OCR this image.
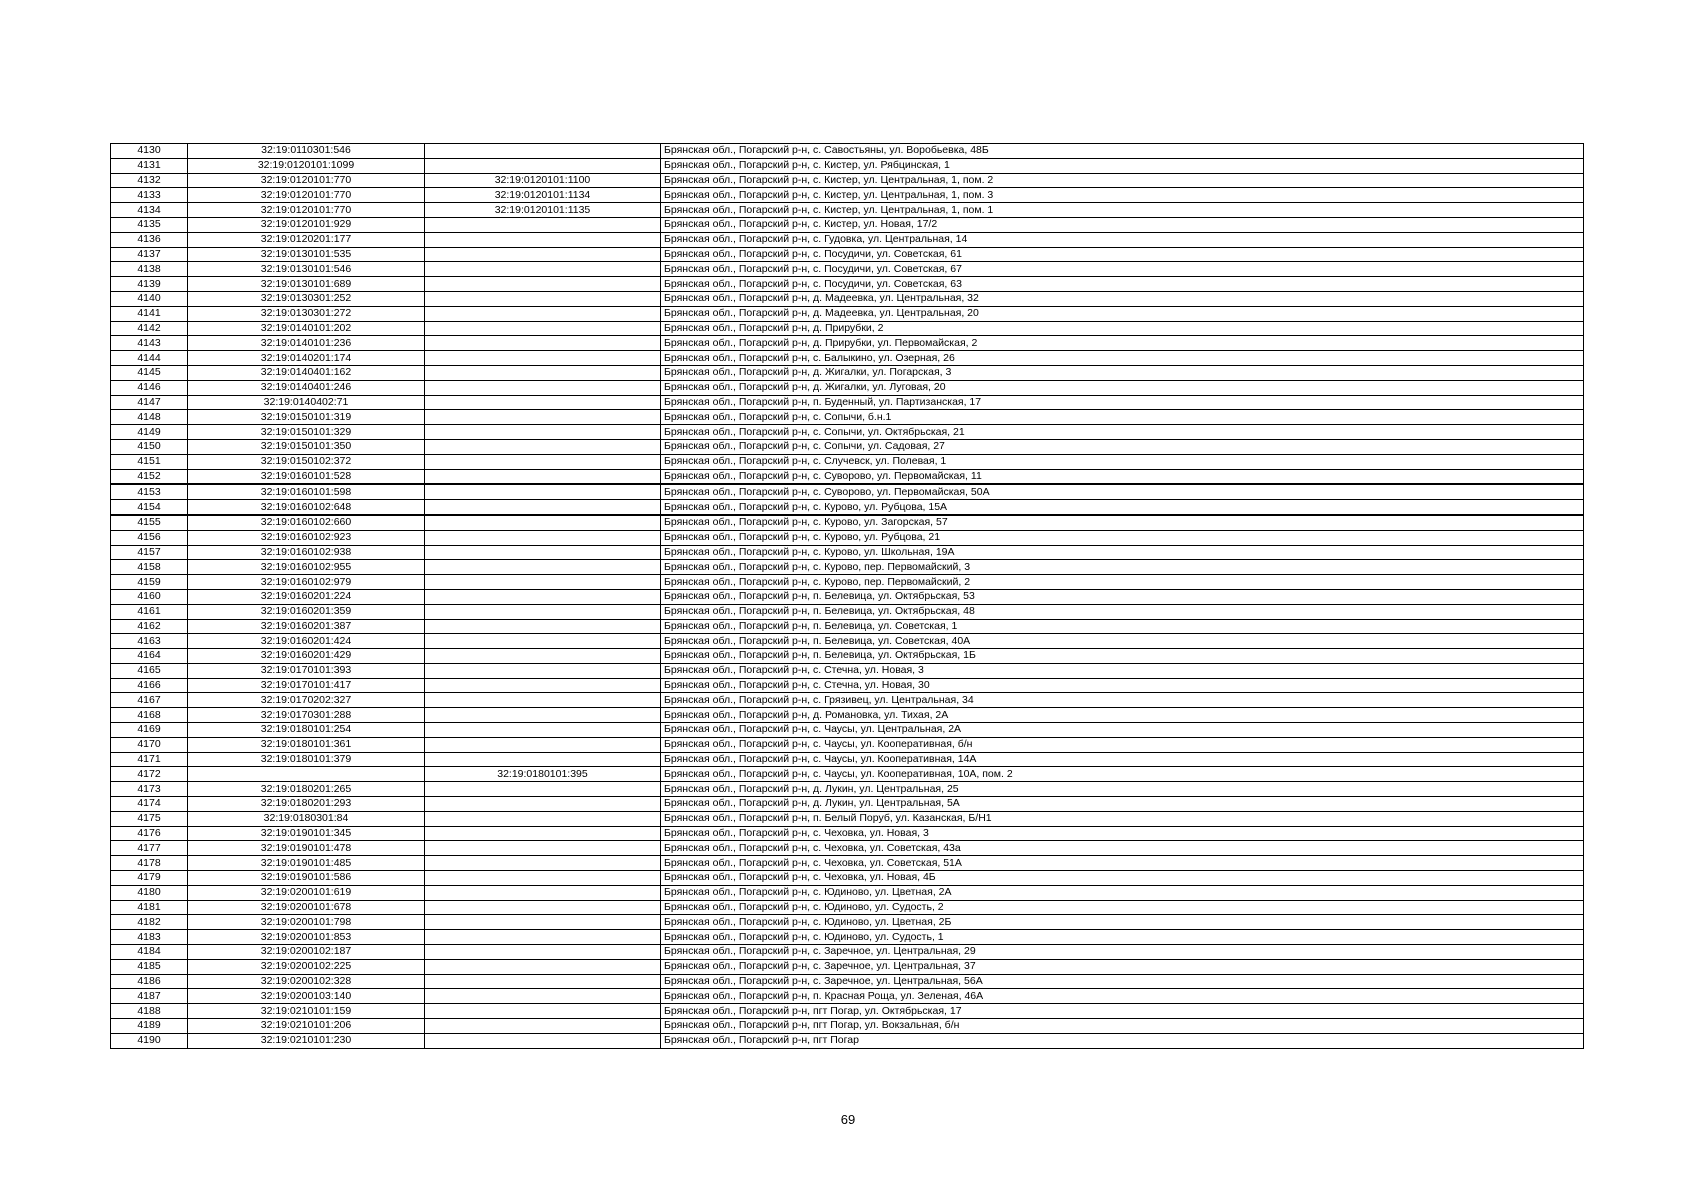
4130	32:19:0110301:546		Брянская обл., Погарский р-н, с. Савостьяны, ул. Воробьевка, 48Б
4131	32:19:0120101:1099		Брянская обл., Погарский р-н, с. Кистер, ул. Рябцинская, 1
4132	32:19:0120101:770	32:19:0120101:1100	Брянская обл., Погарский р-н, с. Кистер, ул. Центральная, 1, пом. 2
4133	32:19:0120101:770	32:19:0120101:1134	Брянская обл., Погарский р-н, с. Кистер, ул. Центральная, 1, пом. 3
4134	32:19:0120101:770	32:19:0120101:1135	Брянская обл., Погарский р-н, с. Кистер, ул. Центральная, 1, пом. 1
4135	32:19:0120101:929		Брянская обл., Погарский р-н, с. Кистер, ул. Новая, 17/2
4136	32:19:0120201:177		Брянская обл., Погарский р-н, с. Гудовка, ул. Центральная, 14
4137	32:19:0130101:535		Брянская обл., Погарский р-н, с. Посудичи, ул. Советская, 61
4138	32:19:0130101:546		Брянская обл., Погарский р-н, с. Посудичи, ул. Советская, 67
4139	32:19:0130101:689		Брянская обл., Погарский р-н, с. Посудичи, ул. Советская, 63
4140	32:19:0130301:252		Брянская обл., Погарский р-н, д. Мадеевка, ул. Центральная, 32
4141	32:19:0130301:272		Брянская обл., Погарский р-н, д. Мадеевка, ул. Центральная, 20
4142	32:19:0140101:202		Брянская обл., Погарский р-н, д. Прирубки, 2
4143	32:19:0140101:236		Брянская обл., Погарский р-н, д. Прирубки, ул. Первомайская, 2
4144	32:19:0140201:174		Брянская обл., Погарский р-н, с. Балыкино, ул. Озерная, 26
4145	32:19:0140401:162		Брянская обл., Погарский р-н, д. Жигалки, ул. Погарская, 3
4146	32:19:0140401:246		Брянская обл., Погарский р-н, д. Жигалки, ул. Луговая, 20
4147	32:19:0140402:71		Брянская обл., Погарский р-н, п. Буденный, ул. Партизанская, 17
4148	32:19:0150101:319		Брянская обл., Погарский р-н, с. Сопычи, б.н.1
4149	32:19:0150101:329		Брянская обл., Погарский р-н, с. Сопычи, ул. Октябрьская, 21
4150	32:19:0150101:350		Брянская обл., Погарский р-н, с. Сопычи, ул. Садовая, 27
4151	32:19:0150102:372		Брянская обл., Погарский р-н, с. Случевск, ул. Полевая, 1
4152	32:19:0160101:528		Брянская обл., Погарский р-н, с. Суворово, ул. Первомайская, 11
4153	32:19:0160101:598		Брянская обл., Погарский р-н, с. Суворово, ул. Первомайская, 50А
4154	32:19:0160102:648		Брянская обл., Погарский р-н, с. Курово, ул. Рубцова, 15А
4155	32:19:0160102:660		Брянская обл., Погарский р-н, с. Курово, ул. Загорская, 57
4156	32:19:0160102:923		Брянская обл., Погарский р-н, с. Курово, ул. Рубцова, 21
4157	32:19:0160102:938		Брянская обл., Погарский р-н, с. Курово, ул. Школьная, 19А
4158	32:19:0160102:955		Брянская обл., Погарский р-н, с. Курово, пер. Первомайский, 3
4159	32:19:0160102:979		Брянская обл., Погарский р-н, с. Курово, пер. Первомайский, 2
4160	32:19:0160201:224		Брянская обл., Погарский р-н, п. Белевица, ул. Октябрьская, 53
4161	32:19:0160201:359		Брянская обл., Погарский р-н, п. Белевица, ул. Октябрьская, 48
4162	32:19:0160201:387		Брянская обл., Погарский р-н, п. Белевица, ул. Советская, 1
4163	32:19:0160201:424		Брянская обл., Погарский р-н, п. Белевица, ул. Советская, 40А
4164	32:19:0160201:429		Брянская обл., Погарский р-н, п. Белевица, ул. Октябрьская, 1Б
4165	32:19:0170101:393		Брянская обл., Погарский р-н, с. Стечна, ул. Новая, 3
4166	32:19:0170101:417		Брянская обл., Погарский р-н, с. Стечна, ул. Новая, 30
4167	32:19:0170202:327		Брянская обл., Погарский р-н, с. Грязивец, ул. Центральная, 34
4168	32:19:0170301:288		Брянская обл., Погарский р-н, д. Романовка, ул. Тихая, 2А
4169	32:19:0180101:254		Брянская обл., Погарский р-н, с. Чаусы, ул. Центральная, 2А
4170	32:19:0180101:361		Брянская обл., Погарский р-н, с. Чаусы, ул. Кооперативная, б/н
4171	32:19:0180101:379		Брянская обл., Погарский р-н, с. Чаусы, ул. Кооперативная, 14А
4172		32:19:0180101:395	Брянская обл., Погарский р-н, с. Чаусы, ул. Кооперативная, 10А, пом. 2
4173	32:19:0180201:265		Брянская обл., Погарский р-н, д. Лукин, ул. Центральная, 25
4174	32:19:0180201:293		Брянская обл., Погарский р-н, д. Лукин, ул. Центральная, 5А
4175	32:19:0180301:84		Брянская обл., Погарский р-н, п. Белый Поруб, ул. Казанская, Б/Н1
4176	32:19:0190101:345		Брянская обл., Погарский р-н, с. Чеховка, ул. Новая, 3
4177	32:19:0190101:478		Брянская обл., Погарский р-н, с. Чеховка, ул. Советская, 43а
4178	32:19:0190101:485		Брянская обл., Погарский р-н, с. Чеховка, ул. Советская, 51А
4179	32:19:0190101:586		Брянская обл., Погарский р-н, с. Чеховка, ул. Новая, 4Б
4180	32:19:0200101:619		Брянская обл., Погарский р-н, с. Юдиново, ул. Цветная, 2А
4181	32:19:0200101:678		Брянская обл., Погарский р-н, с. Юдиново, ул. Судость, 2
4182	32:19:0200101:798		Брянская обл., Погарский р-н, с. Юдиново, ул. Цветная, 2Б
4183	32:19:0200101:853		Брянская обл., Погарский р-н, с. Юдиново, ул. Судость, 1
4184	32:19:0200102:187		Брянская обл., Погарский р-н, с. Заречное, ул. Центральная, 29
4185	32:19:0200102:225		Брянская обл., Погарский р-н, с. Заречное, ул. Центральная, 37
4186	32:19:0200102:328		Брянская обл., Погарский р-н, с. Заречное, ул. Центральная, 56А
4187	32:19:0200103:140		Брянская обл., Погарский р-н, п. Красная Роща, ул. Зеленая, 46А
4188	32:19:0210101:159		Брянская обл., Погарский р-н, пгт Погар, ул. Октябрьская, 17
4189	32:19:0210101:206		Брянская обл., Погарский р-н, пгт Погар, ул. Вокзальная, б/н
4190	32:19:0210101:230		Брянская обл., Погарский р-н, пгт Погар
69
